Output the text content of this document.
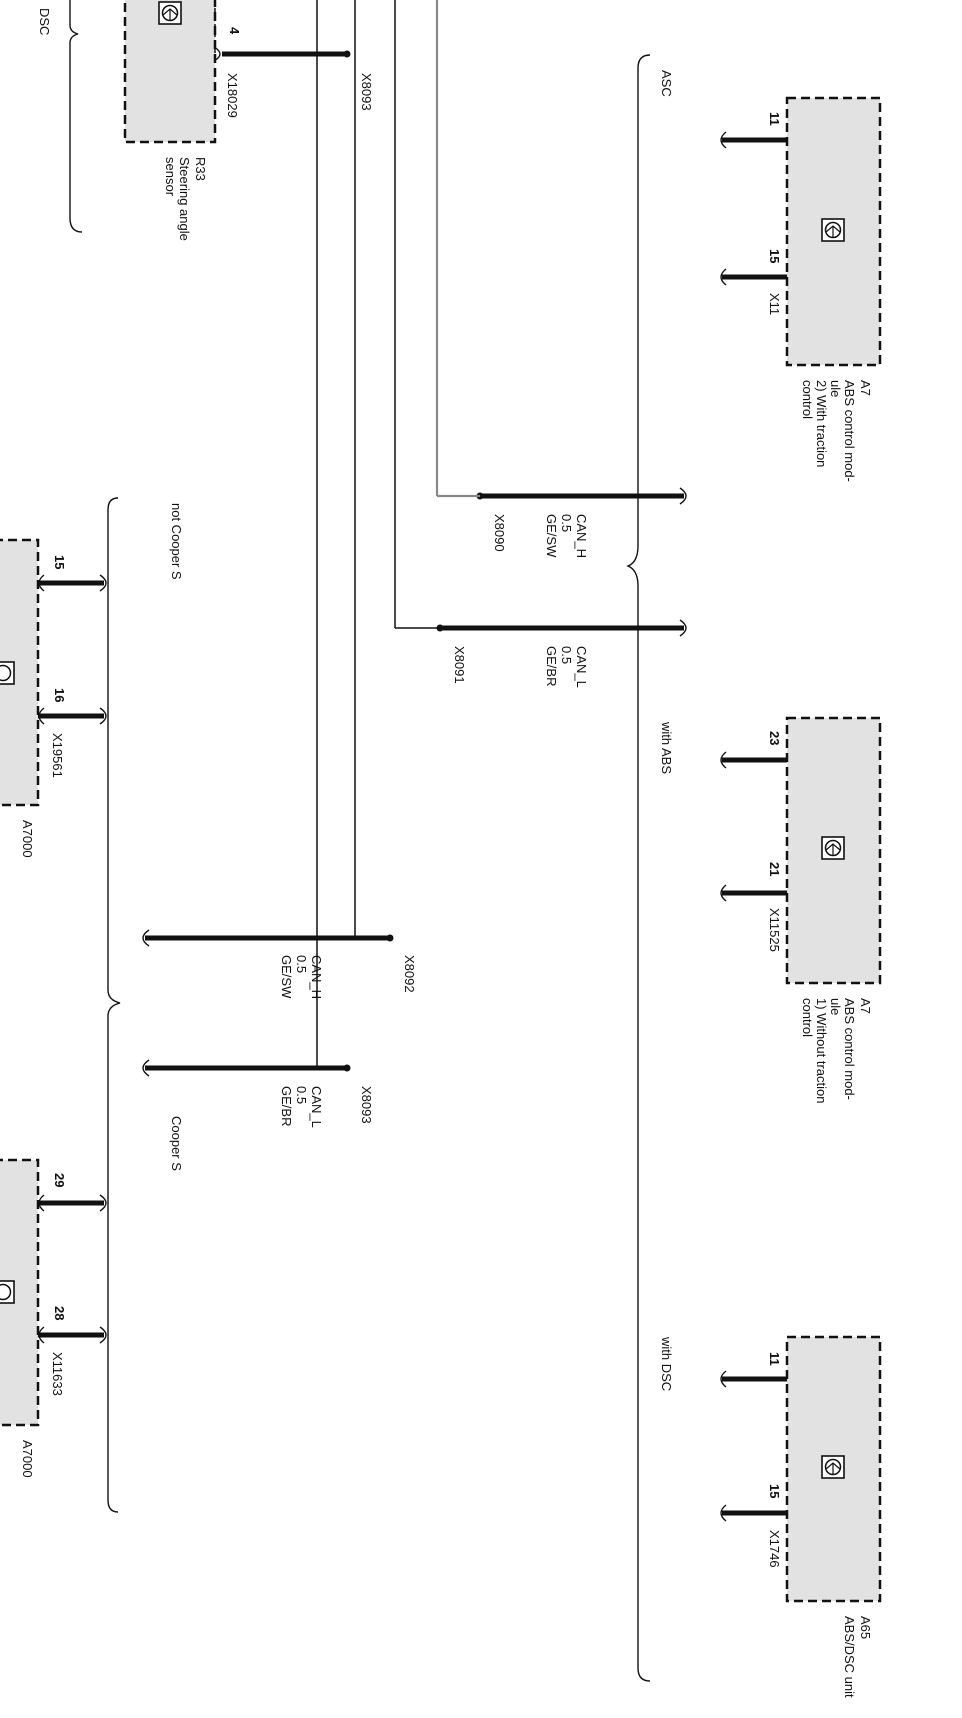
DSC
ASC
with ABS
with DSC
not Cooper S
Cooper S
11
15
X11
A7
ABS control mod-
ule
2) With traction
control
23
21
X11525
A7
ABS control mod-
ule
1) Without traction
control
11
15
X1746
A65
ABS/DSC unit
4
X18029	X8093
R33
Steering angle
sensor
CAN_H
0.5
GE/SW
X8090
CAN_L
0.5
GE/BR
X8091
CAN_H
0.5
GE/SW	X8092
CAN_L
0.5
GE/BR	X8093
15
16
X19561
A7000
29
28
X11633
A7000
